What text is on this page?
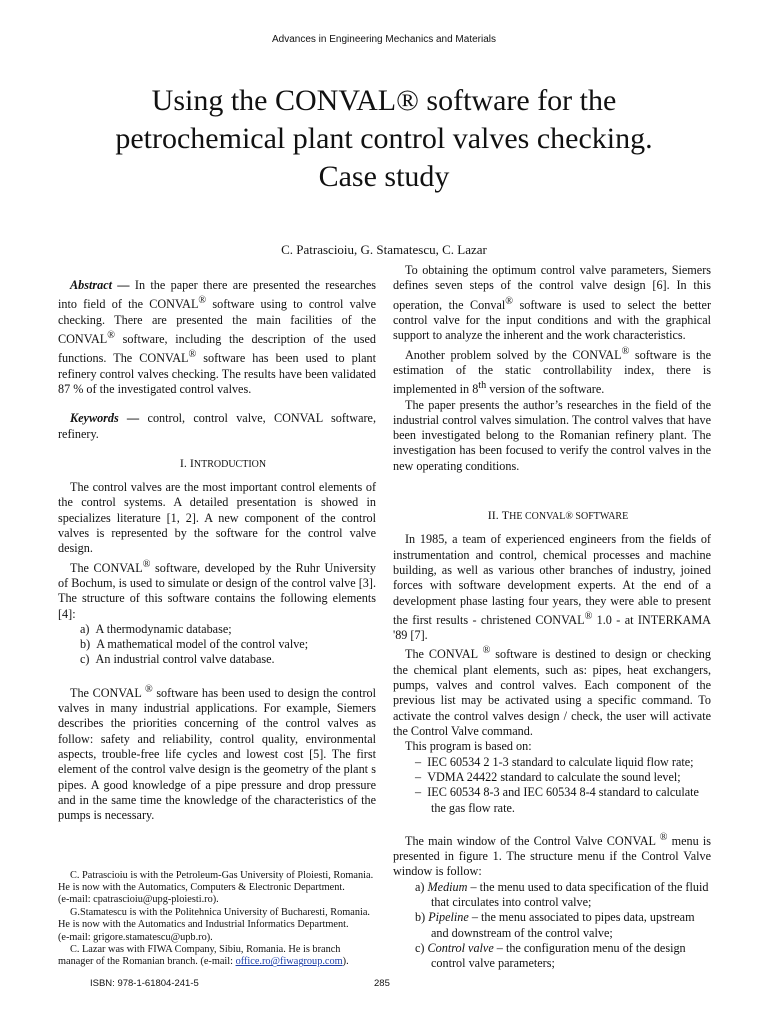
Advances in Engineering Mechanics and Materials
Using the CONVAL® software for the
petrochemical plant control valves checking.
Case study
C. Patrascioiu, G. Stamatescu, C. Lazar

Abstract — In the paper there are presented the researches into field of the CONVAL® software using to control valve checking. There are presented the main facilities of the CONVAL® software, including the description of the used functions. The CONVAL® software has been used to plant refinery control valves checking. The results have been validated 87 % of the investigated control valves.

Keywords — control, control valve, CONVAL software, refinery.

I. INTRODUCTION

The control valves are the most important control elements of the control systems. A detailed presentation is showed in specializes literature [1, 2]. A new component of the control valves is represented by the software for the control valve design.

The CONVAL® software, developed by the Ruhr University of Bochum, is used to simulate or design of the control valve [3]. The structure of this software contains the following elements [4]:

a)  A thermodynamic database;
b)  A mathematical model of the control valve;
c)  An industrial control valve database.

The CONVAL ® software has been used to design the control valves in many industrial applications. For example, Siemers describes the priorities concerning of the control valves as follow: safety and reliability, control quality, environmental aspects, trouble-free life cycles and lowest cost [5]. The first element of the control valve design is the geometry of the plant s pipes. A good knowledge of a pipe pressure and drop pressure and in the same time the knowledge of the characteristics of the pumps is necessary.

C. Patrascioiu is with the Petroleum-Gas University of Ploiesti, Romania. He is now with the Automatics, Computers & Electronic Department.

(e-mail: cpatrascioiu@upg-ploiesti.ro).

G.Stamatescu is with the Politehnica University of Bucharesti, Romania. He is now with the Automatics and Industrial Informatics Department.

(e-mail: grigore.stamatescu@upb.ro).

C. Lazar was with FIWA Company, Sibiu, Romania. He is branch manager of the Romanian branch. (e-mail: office.ro@fiwagroup.com).

To obtaining the optimum control valve parameters, Siemers defines seven steps of the control valve design [6]. In this operation, the Conval® software is used to select the better control valve for the input conditions and with the graphical support to analyze the inherent and the work characteristics.

Another problem solved by the CONVAL® software is the estimation of the static controllability index, there is implemented in 8th version of the software.

The paper presents the author’s researches in the field of the industrial control valves simulation. The control valves that have been investigated belong to the Romanian refinery plant. The investigation has been focused to verify the control valves in the new operating conditions.

II. THE CONVAL® SOFTWARE

In 1985, a team of experienced engineers from the fields of instrumentation and control, chemical processes and machine building, as well as various other branches of industry, joined forces with software development experts. At the end of a development phase lasting four years, they were able to present the first results - christened CONVAL® 1.0 - at INTERKAMA '89 [7].

The CONVAL ® software is destined to design or checking the chemical plant elements, such as: pipes, heat exchangers, pumps, valves and control valves. Each component of the previous list may be activated using a specific command. To activate the control valves design / check, the user will activate the Control Valve command.

This program is based on:

–  IEC 60534 2 1-3 standard to calculate liquid flow rate;
–  VDMA 24422 standard to calculate the sound level;
–  IEC 60534 8-3 and IEC 60534 8-4 standard to calculate the gas flow rate.

The main window of the Control Valve CONVAL ® menu is presented in figure 1. The structure menu if the Control Valve window is follow:

a) Medium – the menu used to data specification of the fluid that circulates into control valve;
b) Pipeline – the menu associated to pipes data, upstream and downstream of the control valve;
c) Control valve – the configuration menu of the design control valve parameters;
ISBN: 978-1-61804-241-5	285
